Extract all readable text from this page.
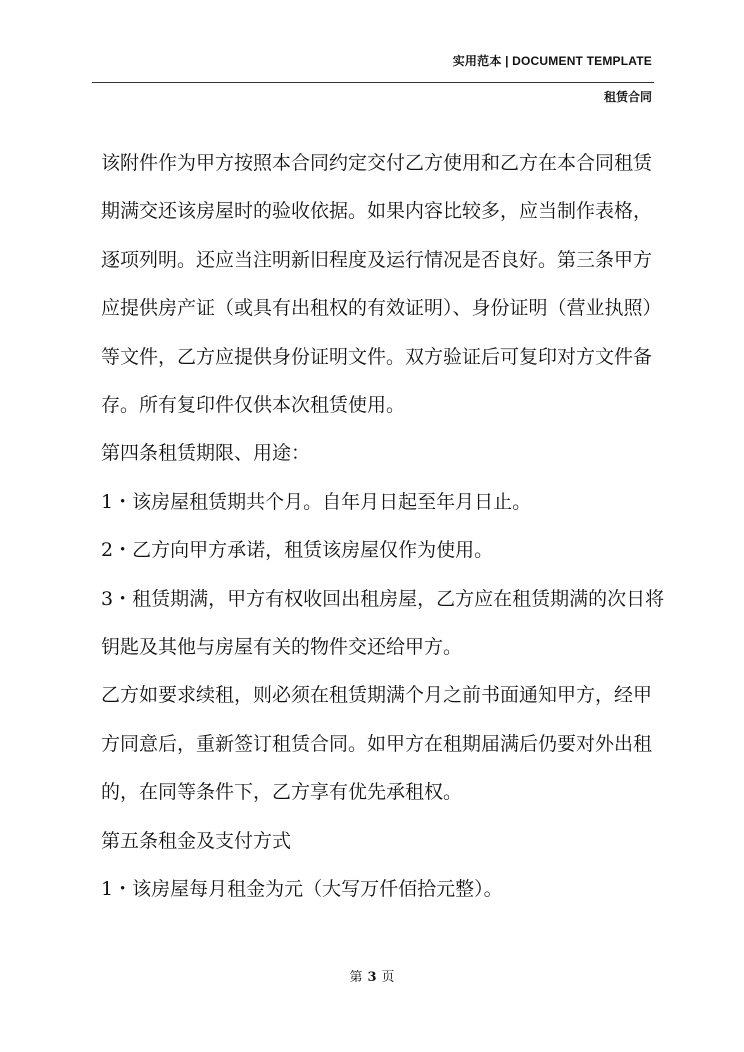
实用范本 | DOCUMENT TEMPLATE
租赁合同

该附件作为甲方按照本合同约定交付乙方使用和乙方在本合同租赁

期满交还该房屋时的验收依据。如果内容比较多，应当制作表格，

逐项列明。还应当注明新旧程度及运行情况是否良好。第三条甲方

应提供房产证（或具有出租权的有效证明）、身份证明（营业执照）

等文件，乙方应提供身份证明文件。双方验证后可复印对方文件备

存。所有复印件仅供本次租赁使用。

第四条租赁期限、用途：

1・该房屋租赁期共个月。自年月日起至年月日止。

2・乙方向甲方承诺，租赁该房屋仅作为使用。

3・租赁期满，甲方有权收回出租房屋，乙方应在租赁期满的次日将

钥匙及其他与房屋有关的物件交还给甲方。

乙方如要求续租，则必须在租赁期满个月之前书面通知甲方，经甲

方同意后，重新签订租赁合同。如甲方在租期届满后仍要对外出租

的，在同等条件下，乙方享有优先承租权。

第五条租金及支付方式

1・该房屋每月租金为元（大写万仟佰拾元整）。

第 3 页
